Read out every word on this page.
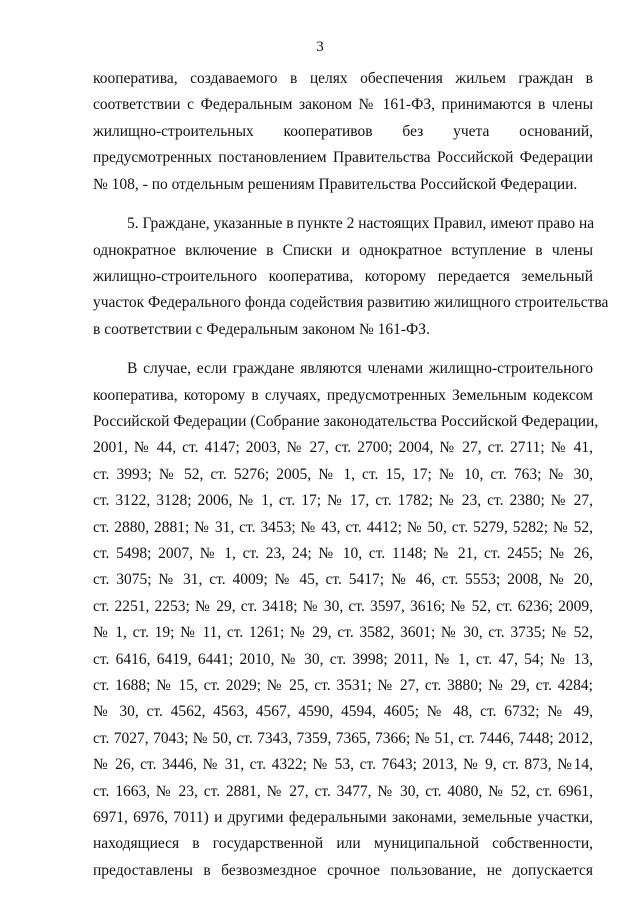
3
кооператива, создаваемого в целях обеспечения жильем граждан в
соответствии с Федеральным законом № 161-ФЗ, принимаются в члены
жилищно-строительных кооперативов без учета оснований,
предусмотренных постановлением Правительства Российской Федерации
№ 108, - по отдельным решениям Правительства Российской Федерации.
5. Граждане, указанные в пункте 2 настоящих Правил, имеют право на
однократное включение в Списки и однократное вступление в члены
жилищно-строительного кооператива, которому передается земельный
участок Федерального фонда содействия развитию жилищного строительства
в соответствии с Федеральным законом № 161-ФЗ.
В случае, если граждане являются членами жилищно-строительного
кооператива, которому в случаях, предусмотренных Земельным кодексом
Российской Федерации (Собрание законодательства Российской Федерации,
2001, № 44, ст. 4147; 2003, № 27, ст. 2700; 2004, № 27, ст. 2711; № 41,
ст. 3993; № 52, ст. 5276; 2005, № 1, ст. 15, 17; № 10, ст. 763; № 30,
ст. 3122, 3128; 2006, № 1, ст. 17; № 17, ст. 1782; № 23, ст. 2380; № 27,
ст. 2880, 2881; № 31, ст. 3453; № 43, ст. 4412; № 50, ст. 5279, 5282; № 52,
ст. 5498; 2007, № 1, ст. 23, 24; № 10, ст. 1148; № 21, ст. 2455; № 26,
ст. 3075; № 31, ст. 4009; № 45, ст. 5417; № 46, ст. 5553; 2008, № 20,
ст. 2251, 2253; № 29, ст. 3418; № 30, ст. 3597, 3616; № 52, ст. 6236; 2009,
№ 1, ст. 19; № 11, ст. 1261; № 29, ст. 3582, 3601; № 30, ст. 3735; № 52,
ст. 6416, 6419, 6441; 2010, № 30, ст. 3998; 2011, № 1, ст. 47, 54; № 13,
ст. 1688; № 15, ст. 2029; № 25, ст. 3531; № 27, ст. 3880; № 29, ст. 4284;
№ 30, ст. 4562, 4563, 4567, 4590, 4594, 4605; № 48, ст. 6732; № 49,
ст. 7027, 7043; № 50, ст. 7343, 7359, 7365, 7366; № 51, ст. 7446, 7448; 2012,
№ 26, ст. 3446, № 31, ст. 4322; № 53, ст. 7643; 2013, № 9, ст. 873, №14,
ст. 1663, № 23, ст. 2881, № 27, ст. 3477, № 30, ст. 4080, № 52, ст. 6961,
6971, 6976, 7011) и другими федеральными законами, земельные участки,
находящиеся в государственной или муниципальной собственности,
предоставлены в безвозмездное срочное пользование, не допускается
